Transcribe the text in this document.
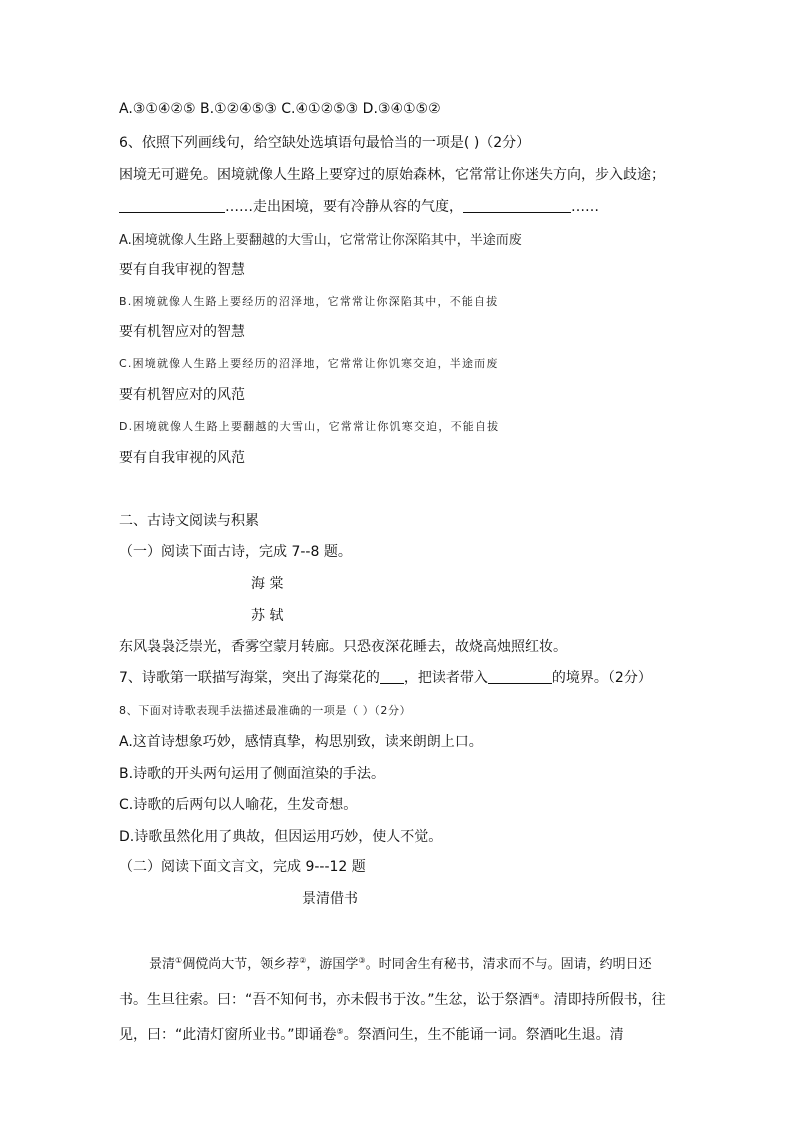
A.③①④②⑤ B.①②④⑤③ C.④①②⑤③ D.③④①⑤②
6、依照下列画线句，给空缺处选填语句最恰当的一项是( )（2分）
困境无可避免。困境就像人生路上要穿过的原始森林，它常常让你迷失方向，步入歧途；
……走出困境，要有冷静从容的气度，	……
A.困境就像人生路上要翻越的大雪山，它常常让你深陷其中，半途而废
要有自我审视的智慧
B.困境就像人生路上要经历的沼泽地，它常常让你深陷其中，不能自拔
要有机智应对的智慧
C.困境就像人生路上要经历的沼泽地，它常常让你饥寒交迫，半途而废
要有机智应对的风范
D.困境就像人生路上要翻越的大雪山，它常常让你饥寒交迫，不能自拔
要有自我审视的风范
二、古诗文阅读与积累
（一）阅读下面古诗，完成 7--8 题。
海 棠
苏 轼
东风袅袅泛崇光，香雾空蒙月转廊。只恐夜深花睡去，故烧高烛照红妆。
7、诗歌第一联描写海棠，突出了海棠花的 ，把读者带入	的境界。（2分）
8、下面对诗歌表现手法描述最准确的一项是（ ）（2分）
A.这首诗想象巧妙，感情真挚，构思别致，读来朗朗上口。
B.诗歌的开头两句运用了侧面渲染的手法。
C.诗歌的后两句以人喻花，生发奇想。
D.诗歌虽然化用了典故，但因运用巧妙，使人不觉。
（二）阅读下面文言文，完成 9---12 题
景清借书
景清①倜傥尚大节，领乡荐②，游国学③。时同舍生有秘书，清求而不与。固请，约明日还
书。生旦往索。曰：“吾不知何书，亦未假书于汝。”生忿，讼于祭酒④。清即持所假书，往
见，曰：“此清灯窗所业书。”即诵卷⑤。祭酒问生，生不能诵一词。祭酒叱生退。清
